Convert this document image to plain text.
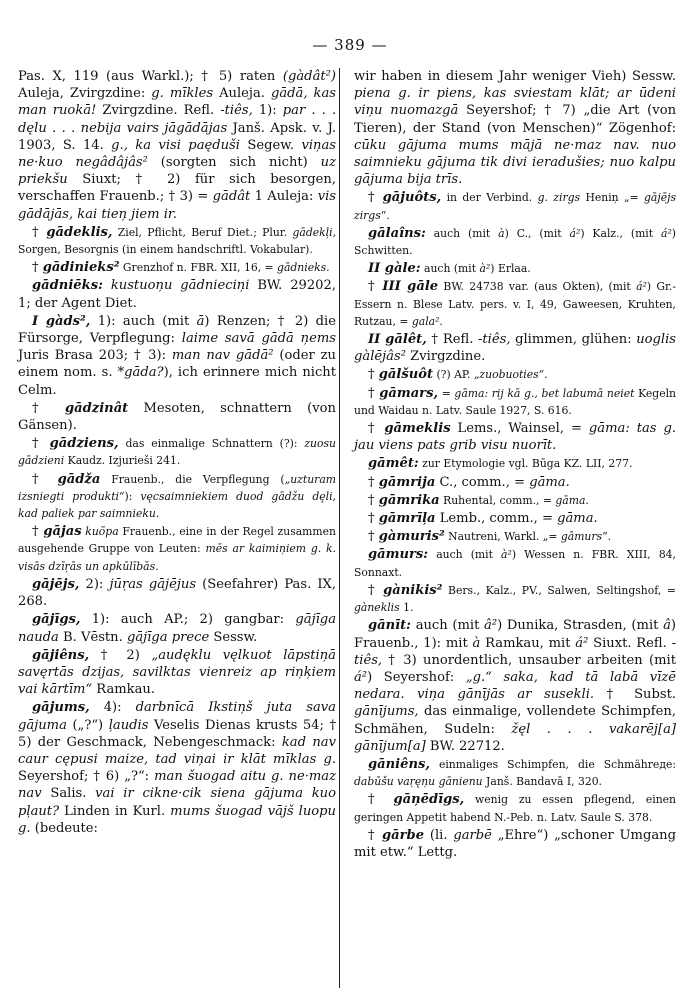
— 389 —

Pas. X, 119 (aus Warkl.); † 5) raten (gàdât²) Auleja, Zvirgzdine: g. mīkles Auleja. gādā, kas man ruokā! Zvirgzdine. Refl. -tiês, 1): par . . . dęlu . . . nebija vairs jāgādājas Janš. Apsk. v. J. 1903, S. 14. g., ka visi paęduši Segew. viņas ne·kuo negâdâjâs² (sorgten sich nicht) uz priekšu Siuxt; † 2) für sich besorgen, verschaffen Frauenb.; † 3) = gādât 1 Auleja: vis gādājās, kai tieņ jiem ir.

† gādeklis, Ziel, Pflicht, Beruf Diet.; Plur. gādekļi, Sorgen, Besorgnis (in einem handschriftl. Vokabular).

† gādinieks² Grenzhof n. FBR. XII, 16, = gādnieks.

gādniēks: kustuoņu gādnieciņi BW. 29202, 1; der Agent Diet.

I gàds², 1): auch (mit ā) Renzen; † 2) die Fürsorge, Verpflegung: laime savā gādā ņems Juris Brasa 203; † 3): man nav gādā² (oder zu einem nom. s. *gāda?), ich erinnere mich nicht Celm.

† gādzinât Mesoten, schnattern (von Gänsen).

† gādziens, das einmalige Schnattern (?): zuosu gādzieni Kaudz. Izjurieši 241.

† gādža Frauenb., die Verpflegung („uzturam izsniegti produkti“): vęcsaimniekiem duod gādžu dęli, kad paliek par saimnieku.

† gājas kuõpa Frauenb., eine in der Regel zusammen ausgehende Gruppe von Leuten: mēs ar kaimiņiem g. k. visās dzīŗās un apkūlībās.

gājējs, 2): jūŗas gājējus (Seefahrer) Pas. IX, 268.

gājīgs, 1): auch AP.; 2) gangbar: gājīga nauda B. Vēstn. gājīga prece Sessw.

gājiêns, † 2) „audęklu vęlkuot lāpstiņā savęrtās dzijas, savilktas vienreiz ap riņķiem vai kārtīm“ Ramkau.

gājums, 4): darbnīcā Ikstiņš juta sava gājuma („?“) ļaudis Veselis Dienas krusts 54; † 5) der Geschmack, Nebengeschmack: kad nav caur cępusi maize, tad viņai ir klāt mīklas g. Seyershof; † 6) „?“: man šuogad aitu g. ne·maz nav Salis. vai ir cikne·cik siena gājuma kuo pļaut? Linden in Kurl. mums šuogad vājš luopu g. (bedeute:

wir haben in diesem Jahr weniger Vieh) Sessw. piena g. ir piens, kas sviestam klāt; ar ūdeni viņu nuomazgā Seyershof; † 7) „die Art (von Tieren), der Stand (von Menschen)“ Zögenhof: cūku gājuma mums mājā ne·maz nav. nuo saimnieku gājuma tik divi ieradušies; nuo kalpu gājuma bija trīs.

† gājuôts, in der Verbind. g. zirgs Heniņ „= gājējs zirgs“.

gālaîns: auch (mit à) C., (mit á²) Kalz., (mit á²) Schwitten.

II gàle: auch (mit à²) Erlaa.

† III gāle BW. 24738 var. (aus Okten), (mit á²) Gr.-Essern n. Blese Latv. pers. v. I, 49, Gaweesen, Kruhten, Rutzau, = gala².

II gālêt, † Refl. -tiês, glimmen, glühen: uoglis gàlējâs² Zvirgzdine.

† gālšuôt (?) AP. „zuobuoties“.

† gāmars, = gāma: rij kā g., bet labumā neiet Kegeln und Waidau n. Latv. Saule 1927, S. 616.

† gāmeklis Lems., Wainsel, = gāma: tas g. jau viens pats grib visu nuorīt.

gāmêt: zur Etymologie vgl. Būga KZ. LII, 277.

† gāmrija C., comm., = gāma.

† gāmrika Ruhental, comm., = gāma.

† gāmrīļa Lemb., comm., = gāma.

† gàmuris² Nautreni, Warkl. „= gāmurs“.

gāmurs: auch (mit à²) Wessen n. FBR. XIII, 84, Sonnaxt.

† gànikis² Bers., Kalz., PV., Salwen, Seltingshof, = gàneklis 1.

gānīt: auch (mit â²) Dunika, Strasden, (mit â) Frauenb., 1): mit à Ramkau, mit á² Siuxt. Refl. -tiês, † 3) unordentlich, unsauber arbeiten (mit á²) Seyershof: „g.“ saka, kad tā labā vīzē nedara. viņa gānījās ar susekli. † Subst. gānījums, das einmalige, vollendete Schimpfen, Schmähen, Sudeln: žęl . . . vakarēj[a] gānījum[a] BW. 22712.

gāniêns, einmaliges Schimpfen, die Schmähreде: dabūšu vaŗęņu gānienu Janš. Bandavā I, 320.

† gāņēdīgs, wenig zu essen pflegend, einen geringen Appetit habend N.-Peb. n. Latv. Saule S. 378.

† gārbe (li. garbē „Ehre“) „schoner Umgang mit etw.“ Lettg.
